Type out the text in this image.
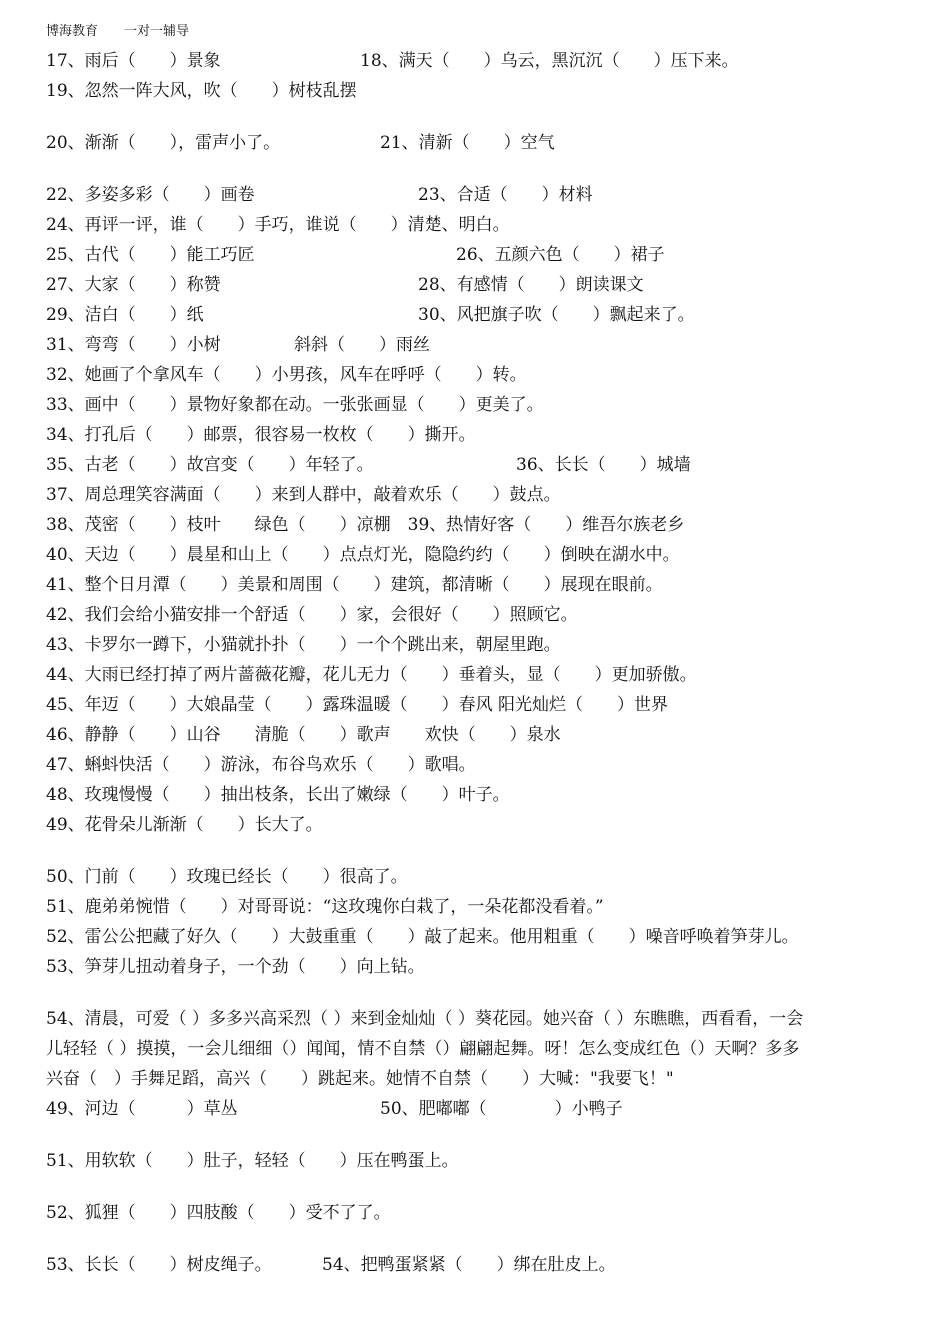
博海教育　　一对一辅导
17、雨后（　　）景象	18、满天（　　）乌云，黑沉沉（　　）压下来。
19、忽然一阵大风，吹（　　）树枝乱摆
20、渐渐（　　），雷声小了。	21、清新（　　）空气
22、多姿多彩（　　）画卷	23、合适（　　）材料
24、再评一评，谁（　　）手巧，谁说（　　）清楚、明白。
25、古代（　　）能工巧匠	26、五颜六色（　　）裙子
27、大家（　　）称赞	28、有感情（　　）朗读课文
29、洁白（　　）纸	30、风把旗子吹（　　）飘起来了。
31、弯弯（　　）小树	斜斜（　　）雨丝
32、她画了个拿风车（　　）小男孩，风车在呼呼（　　）转。
33、画中（　　）景物好象都在动。一张张画显（　　）更美了。
34、打孔后（　　）邮票，很容易一枚枚（　　）撕开。
35、古老（　　）故宫变（　　）年轻了。	36、长长（　　）城墙
37、周总理笑容满面（　　）来到人群中，敲着欢乐（　　）鼓点。
38、茂密（　　）枝叶　　绿色（　　）凉棚　39、热情好客（　　）维吾尔族老乡
40、天边（　　）晨星和山上（　　）点点灯光，隐隐约约（　　）倒映在湖水中。
41、整个日月潭（　　）美景和周围（　　）建筑，都清晰（　　）展现在眼前。
42、我们会给小猫安排一个舒适（　　）家，会很好（　　）照顾它。
43、卡罗尔一蹲下，小猫就扑扑（　　）一个个跳出来，朝屋里跑。
44、大雨已经打掉了两片蔷薇花瓣，花儿无力（　　）垂着头，显（　　）更加骄傲。
45、年迈（　　）大娘晶莹（　　）露珠温暖（　　）春风 阳光灿烂（　　）世界
46、静静（　　）山谷　　清脆（　　）歌声　　欢快（　　）泉水
47、蝌蚪快活（　　）游泳，布谷鸟欢乐（　　）歌唱。
48、玫瑰慢慢（　　）抽出枝条，长出了嫩绿（　　）叶子。
49、花骨朵儿渐渐（　　）长大了。
50、门前（　　）玫瑰已经长（　　）很高了。
51、鹿弟弟惋惜（　　）对哥哥说：“这玫瑰你白栽了，一朵花都没看着。”
52、雷公公把藏了好久（　　）大鼓重重（　　）敲了起来。他用粗重（　　）噪音呼唤着笋芽儿。
53、笋芽儿扭动着身子，一个劲（　　）向上钻。
54、清晨，可爱（ ）多多兴高采烈（ ）来到金灿灿（ ）葵花园。她兴奋（ ）东瞧瞧，西看看，一会
儿轻轻（ ）摸摸，一会儿细细（）闻闻，情不自禁（）翩翩起舞。呀！怎么变成红色（）天啊？多多
兴奋（　）手舞足蹈，高兴（　　）跳起来。她情不自禁（　　）大喊："我要飞！"
49、河边（　　　）草丛	50、肥嘟嘟（　　　　）小鸭子
51、用软软（　　）肚子，轻轻（　　）压在鸭蛋上。
52、狐狸（　　）四肢酸（　　）受不了了。
53、长长（　　）树皮绳子。	54、把鸭蛋紧紧（　　）绑在肚皮上。
